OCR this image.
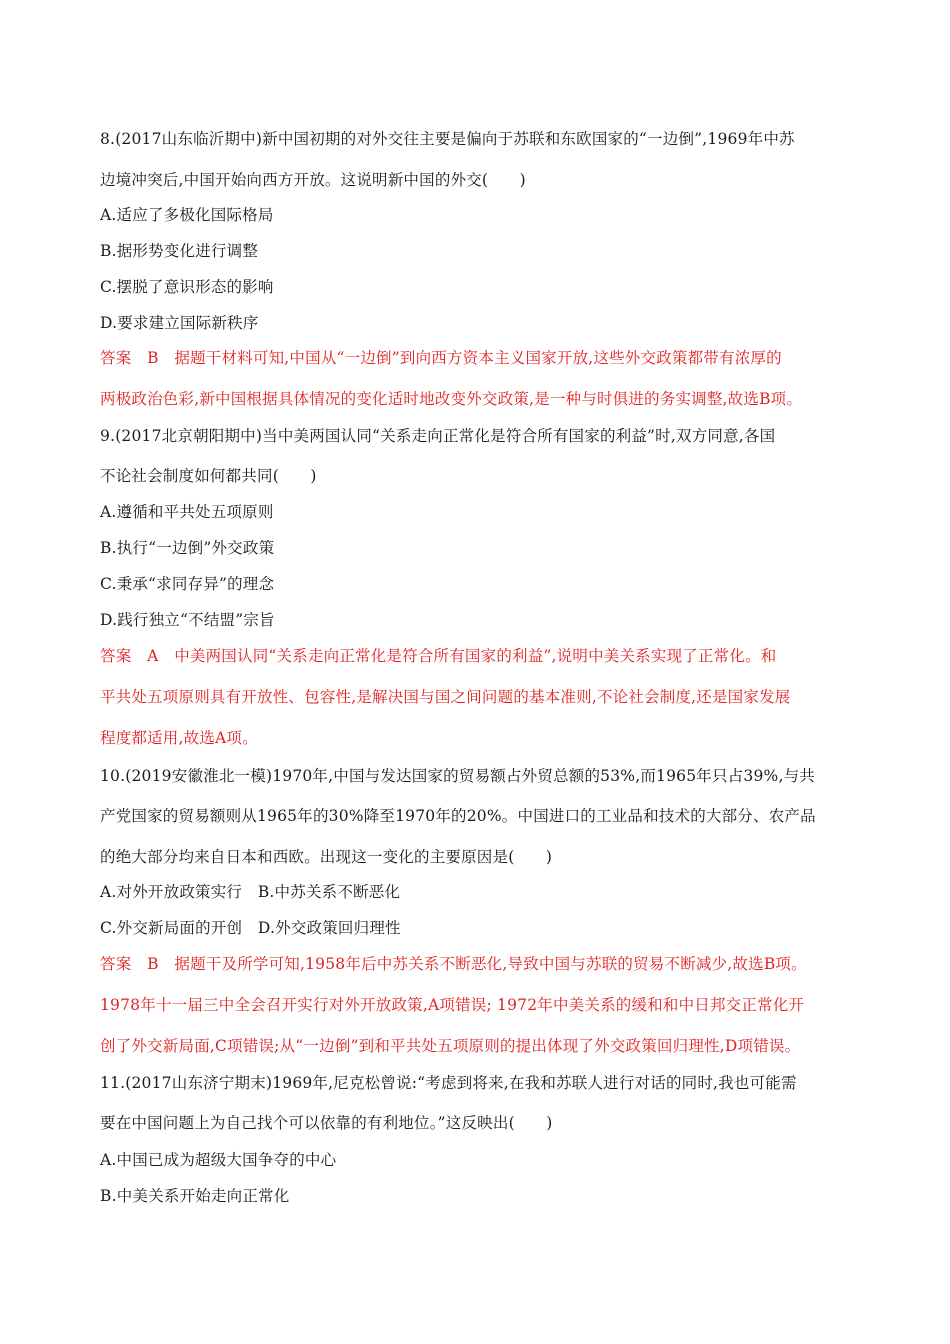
8.(2017山东临沂期中)新中国初期的对外交往主要是偏向于苏联和东欧国家的“一边倒”,1969年中苏
边境冲突后,中国开始向西方开放。这说明新中国的外交(　　)
A.适应了多极化国际格局
B.据形势变化进行调整
C.摆脱了意识形态的影响
D.要求建立国际新秩序
答案　B　据题干材料可知,中国从“一边倒”到向西方资本主义国家开放,这些外交政策都带有浓厚的
两极政治色彩,新中国根据具体情况的变化适时地改变外交政策,是一种与时俱进的务实调整,故选B项。
9.(2017北京朝阳期中)当中美两国认同“关系走向正常化是符合所有国家的利益”时,双方同意,各国
不论社会制度如何都共同(　　)
A.遵循和平共处五项原则
B.执行“一边倒”外交政策
C.秉承“求同存异”的理念
D.践行独立“不结盟”宗旨
答案　A　中美两国认同“关系走向正常化是符合所有国家的利益”,说明中美关系实现了正常化。和
平共处五项原则具有开放性、包容性,是解决国与国之间问题的基本准则,不论社会制度,还是国家发展
程度都适用,故选A项。
10.(2019安徽淮北一模)1970年,中国与发达国家的贸易额占外贸总额的53%,而1965年只占39%,与共
产党国家的贸易额则从1965年的30%降至1970年的20%。中国进口的工业品和技术的大部分、农产品
的绝大部分均来自日本和西欧。出现这一变化的主要原因是(　　)
A.对外开放政策实行　B.中苏关系不断恶化
C.外交新局面的开创　D.外交政策回归理性
答案　B　据题干及所学可知,1958年后中苏关系不断恶化,导致中国与苏联的贸易不断减少,故选B项。
1978年十一届三中全会召开实行对外开放政策,A项错误; 1972年中美关系的缓和和中日邦交正常化开
创了外交新局面,C项错误;从“一边倒”到和平共处五项原则的提出体现了外交政策回归理性,D项错误。
11.(2017山东济宁期末)1969年,尼克松曾说:“考虑到将来,在我和苏联人进行对话的同时,我也可能需
要在中国问题上为自己找个可以依靠的有利地位。”这反映出(　　)
A.中国已成为超级大国争夺的中心
B.中美关系开始走向正常化
